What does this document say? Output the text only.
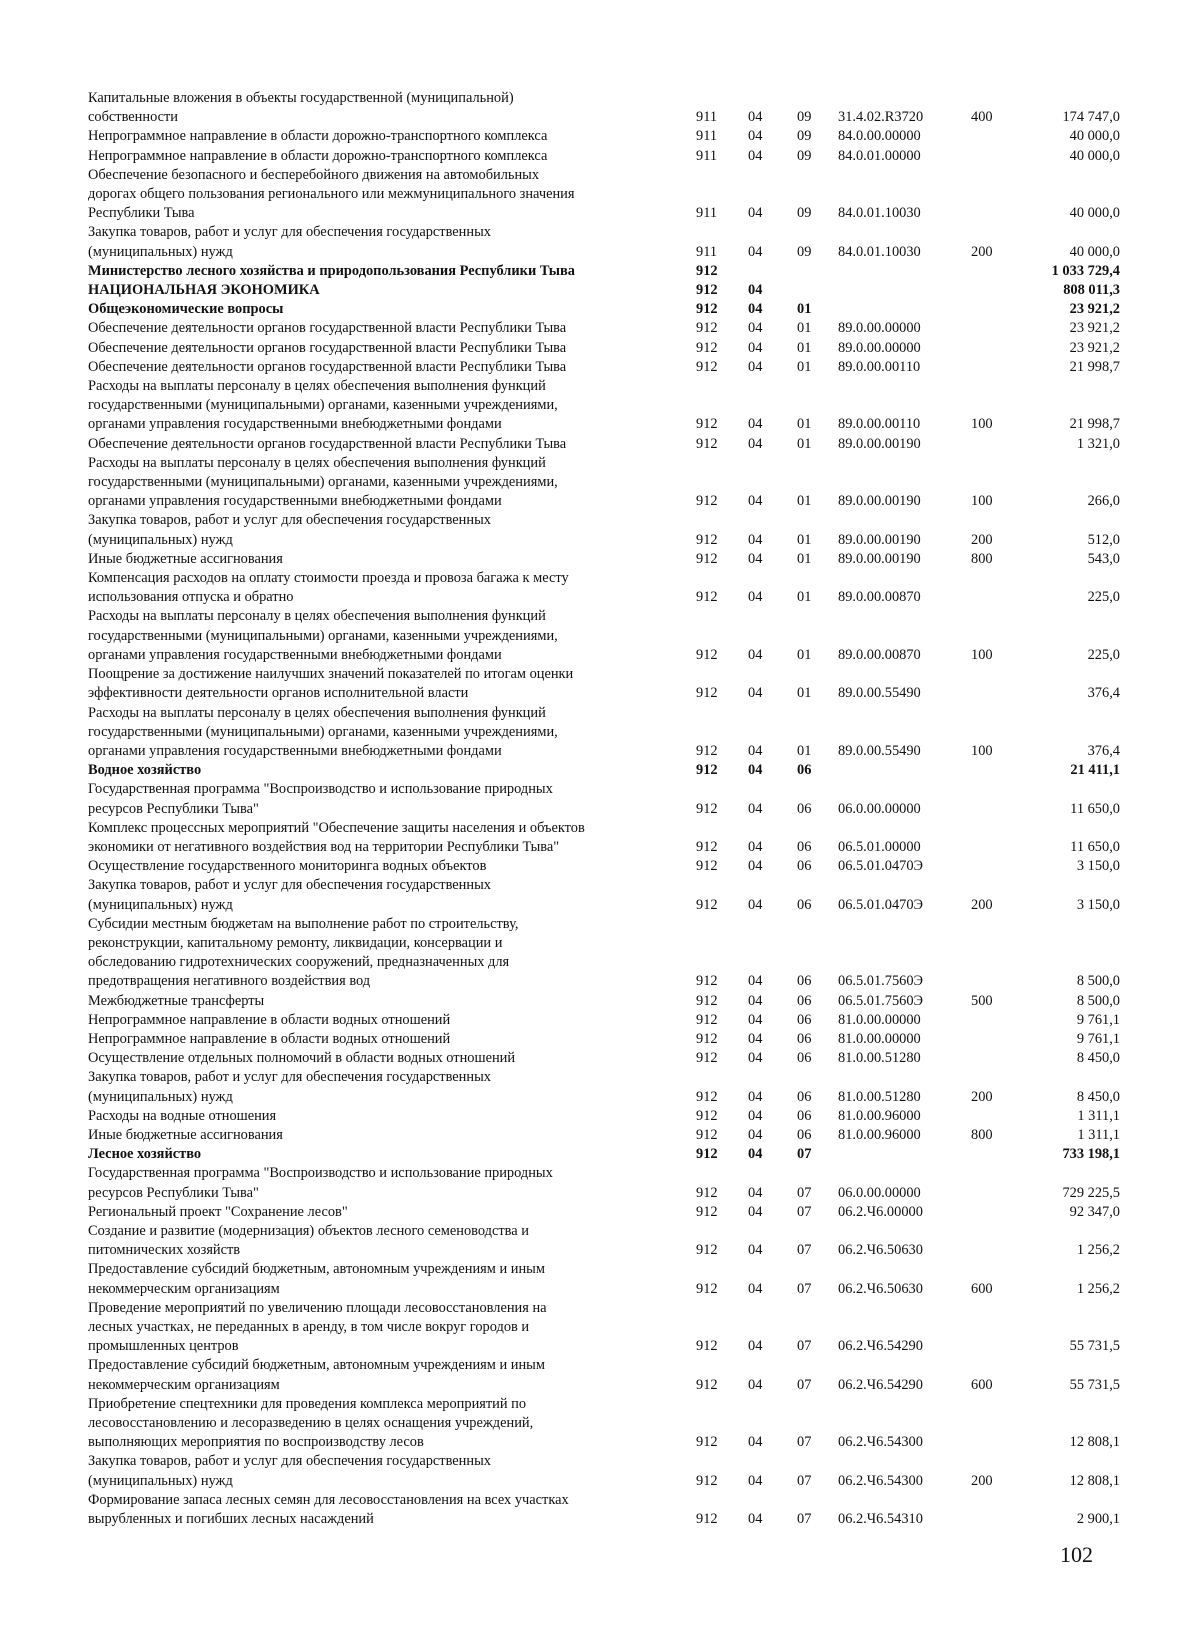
Капитальные вложения в объекты государственной (муниципальной)
собственности	911	04	09	31.4.02.R3720	400	174 747,0
Непрограммное направление в области дорожно-транспортного комплекса	911	04	09	84.0.00.00000		40 000,0
Непрограммное направление в области дорожно-транспортного комплекса	911	04	09	84.0.01.00000		40 000,0
Обеспечение безопасного и бесперебойного движения на автомобильных
дорогах общего пользования регионального или межмуниципального значения
Республики Тыва	911	04	09	84.0.01.10030		40 000,0
Закупка товаров, работ и услуг для обеспечения государственных
(муниципальных) нужд	911	04	09	84.0.01.10030	200	40 000,0
Министерство лесного хозяйства и природопользования Республики Тыва	912					1 033 729,4
НАЦИОНАЛЬНАЯ ЭКОНОМИКА	912	04				808 011,3
Общеэкономические вопросы	912	04	01			23 921,2
Обеспечение деятельности органов государственной власти Республики Тыва	912	04	01	89.0.00.00000		23 921,2
Обеспечение деятельности органов государственной власти Республики Тыва	912	04	01	89.0.00.00000		23 921,2
Обеспечение деятельности органов государственной власти Республики Тыва	912	04	01	89.0.00.00110		21 998,7
Расходы на выплаты персоналу в целях обеспечения выполнения функций
государственными (муниципальными) органами, казенными учреждениями,
органами управления государственными внебюджетными фондами	912	04	01	89.0.00.00110	100	21 998,7
Обеспечение деятельности органов государственной власти Республики Тыва	912	04	01	89.0.00.00190		1 321,0
Расходы на выплаты персоналу в целях обеспечения выполнения функций
государственными (муниципальными) органами, казенными учреждениями,
органами управления государственными внебюджетными фондами	912	04	01	89.0.00.00190	100	266,0
Закупка товаров, работ и услуг для обеспечения государственных
(муниципальных) нужд	912	04	01	89.0.00.00190	200	512,0
Иные бюджетные ассигнования	912	04	01	89.0.00.00190	800	543,0
Компенсация расходов на оплату стоимости проезда и провоза багажа к месту
использования отпуска и обратно	912	04	01	89.0.00.00870		225,0
Расходы на выплаты персоналу в целях обеспечения выполнения функций
государственными (муниципальными) органами, казенными учреждениями,
органами управления государственными внебюджетными фондами	912	04	01	89.0.00.00870	100	225,0
Поощрение за достижение наилучших значений показателей по итогам оценки
эффективности деятельности органов исполнительной власти	912	04	01	89.0.00.55490		376,4
Расходы на выплаты персоналу в целях обеспечения выполнения функций
государственными (муниципальными) органами, казенными учреждениями,
органами управления государственными внебюджетными фондами	912	04	01	89.0.00.55490	100	376,4
Водное хозяйство	912	04	06			21 411,1
Государственная программа "Воспроизводство и использование природных
ресурсов Республики Тыва"	912	04	06	06.0.00.00000		11 650,0
Комплекс процессных мероприятий "Обеспечение защиты населения и объектов
экономики от негативного воздействия вод на территории Республики Тыва"	912	04	06	06.5.01.00000		11 650,0
Осуществление государственного мониторинга водных объектов	912	04	06	06.5.01.0470Э		3 150,0
Закупка товаров, работ и услуг для обеспечения государственных
(муниципальных) нужд	912	04	06	06.5.01.0470Э	200	3 150,0
Субсидии местным бюджетам на выполнение работ по строительству,
реконструкции, капитальному ремонту, ликвидации, консервации и
обследованию гидротехнических сооружений, предназначенных для
предотвращения негативного воздействия вод	912	04	06	06.5.01.7560Э		8 500,0
Межбюджетные трансферты	912	04	06	06.5.01.7560Э	500	8 500,0
Непрограммное направление в области водных отношений	912	04	06	81.0.00.00000		9 761,1
Непрограммное направление в области водных отношений	912	04	06	81.0.00.00000		9 761,1
Осуществление отдельных полномочий в области водных отношений	912	04	06	81.0.00.51280		8 450,0
Закупка товаров, работ и услуг для обеспечения государственных
(муниципальных) нужд	912	04	06	81.0.00.51280	200	8 450,0
Расходы на водные отношения	912	04	06	81.0.00.96000		1 311,1
Иные бюджетные ассигнования	912	04	06	81.0.00.96000	800	1 311,1
Лесное хозяйство	912	04	07			733 198,1
Государственная программа "Воспроизводство и использование природных
ресурсов Республики Тыва"	912	04	07	06.0.00.00000		729 225,5
Региональный проект "Сохранение лесов"	912	04	07	06.2.Ч6.00000		92 347,0
Создание и развитие (модернизация) объектов лесного семеноводства и
питомнических хозяйств	912	04	07	06.2.Ч6.50630		1 256,2
Предоставление субсидий бюджетным, автономным учреждениям и иным
некоммерческим организациям	912	04	07	06.2.Ч6.50630	600	1 256,2
Проведение мероприятий по увеличению площади лесовосстановления на
лесных участках, не переданных в аренду, в том числе вокруг городов и
промышленных центров	912	04	07	06.2.Ч6.54290		55 731,5
Предоставление субсидий бюджетным, автономным учреждениям и иным
некоммерческим организациям	912	04	07	06.2.Ч6.54290	600	55 731,5
Приобретение спецтехники для проведения комплекса мероприятий по
лесовосстановлению и лесоразведению в целях оснащения учреждений,
выполняющих мероприятия по воспроизводству лесов	912	04	07	06.2.Ч6.54300		12 808,1
Закупка товаров, работ и услуг для обеспечения государственных
(муниципальных) нужд	912	04	07	06.2.Ч6.54300	200	12 808,1
Формирование запаса лесных семян для лесовосстановления на всех участках
вырубленных и погибших лесных насаждений	912	04	07	06.2.Ч6.54310		2 900,1
102
